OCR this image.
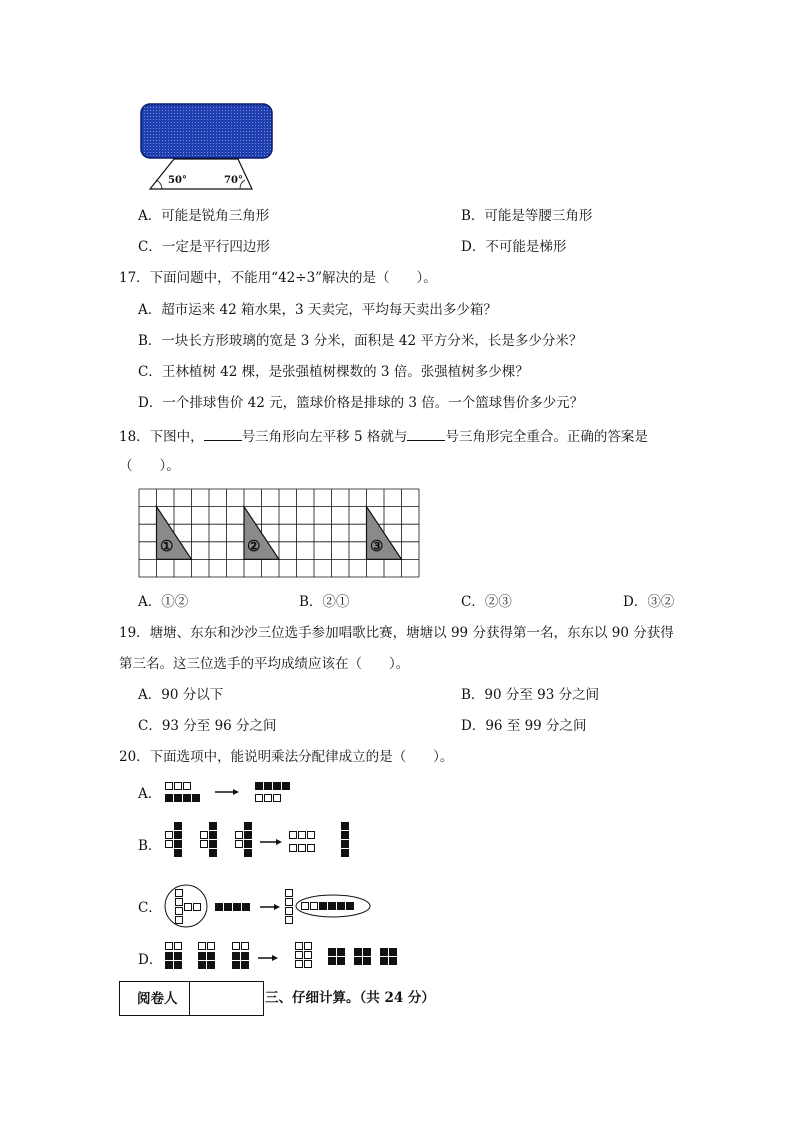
50°	70°
A．可能是锐角三角形	B．可能是等腰三角形
C．一定是平行四边形	D．不可能是梯形
17．下面问题中，不能用“42÷3”解决的是（　　）。
A．超市运来 42 箱水果，3 天卖完，平均每天卖出多少箱？
B．一块长方形玻璃的宽是 3 分米，面积是 42 平方分米，长是多少分米？
C．王林植树 42 棵，是张强植树棵数的 3 倍。张强植树多少棵？
D．一个排球售价 42 元，篮球价格是排球的 3 倍。一个篮球售价多少元？
18．下图中，	号三角形向左平移 5 格就与	号三角形完全重合。正确的答案是
（　　）。
①	②	③
A．①②	B．②①	C．②③	D．③②
19．塘塘、东东和沙沙三位选手参加唱歌比赛，塘塘以 99 分获得第一名，东东以 90 分获得
第三名。这三位选手的平均成绩应该在（　　）。
A．90 分以下	B．90 分至 93 分之间
C．93 分至 96 分之间	D．96 至 99 分之间
20．下面选项中，能说明乘法分配律成立的是（　　）。
A．
B．
C．
D．
阅卷人	三、仔细计算。（共 24 分）
